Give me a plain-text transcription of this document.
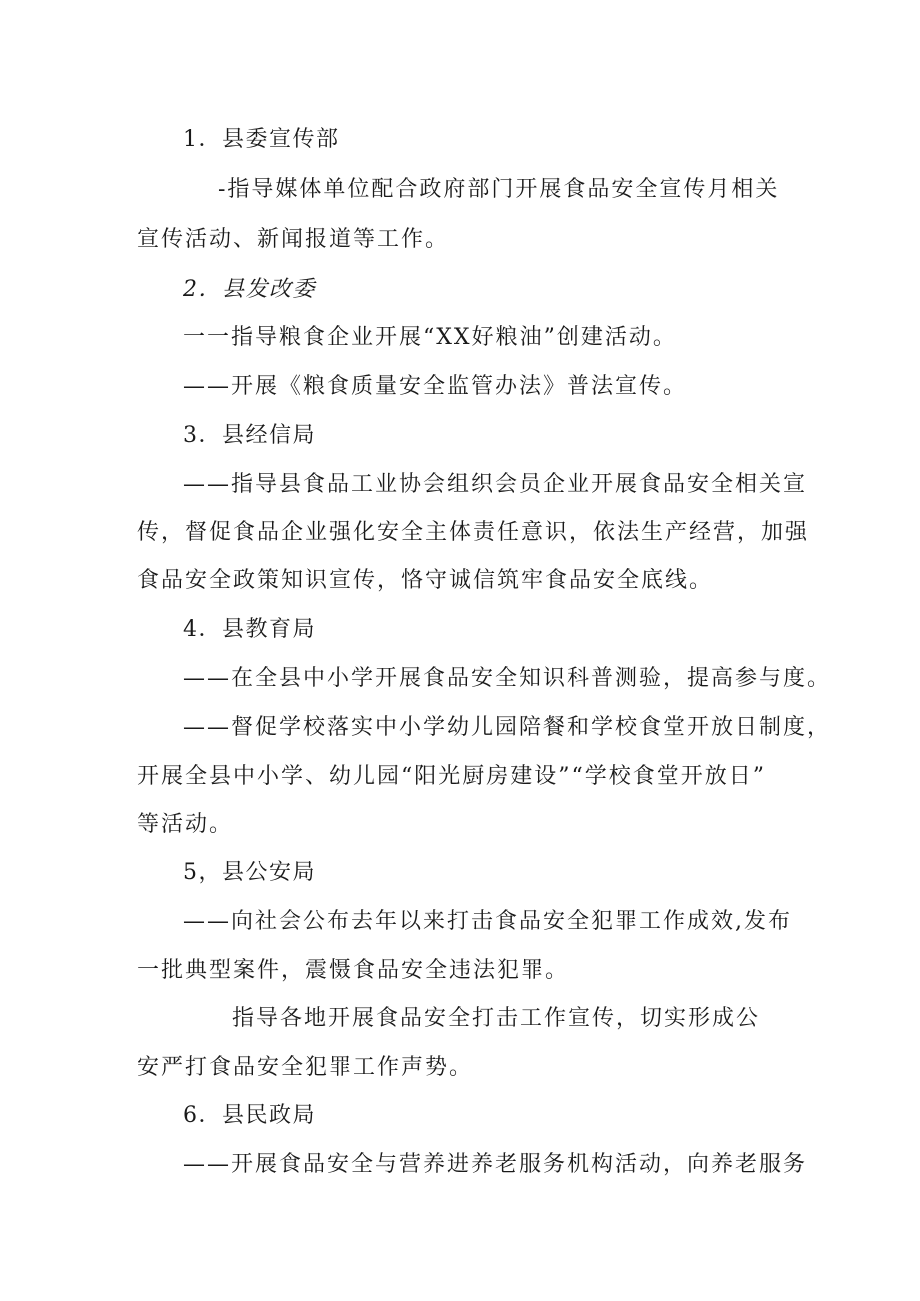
1．县委宣传部
-指导媒体单位配合政府部门开展食品安全宣传月相关
宣传活动、新闻报道等工作。
2．县发改委
一一指导粮食企业开展“XX好粮油”创建活动。
——开展《粮食质量安全监管办法》普法宣传。
3．县经信局
——指导县食品工业协会组织会员企业开展食品安全相关宣
传，督促食品企业强化安全主体责任意识，依法生产经营，加强
食品安全政策知识宣传，恪守诚信筑牢食品安全底线。
4．县教育局
——在全县中小学开展食品安全知识科普测验，提高参与度。
——督促学校落实中小学幼儿园陪餐和学校食堂开放日制度，
开展全县中小学、幼儿园“阳光厨房建设”“学校食堂开放日”
等活动。
5，县公安局
——向社会公布去年以来打击食品安全犯罪工作成效,发布
一批典型案件，震慑食品安全违法犯罪。
指导各地开展食品安全打击工作宣传，切实形成公
安严打食品安全犯罪工作声势。
6．县民政局
——开展食品安全与营养进养老服务机构活动，向养老服务
